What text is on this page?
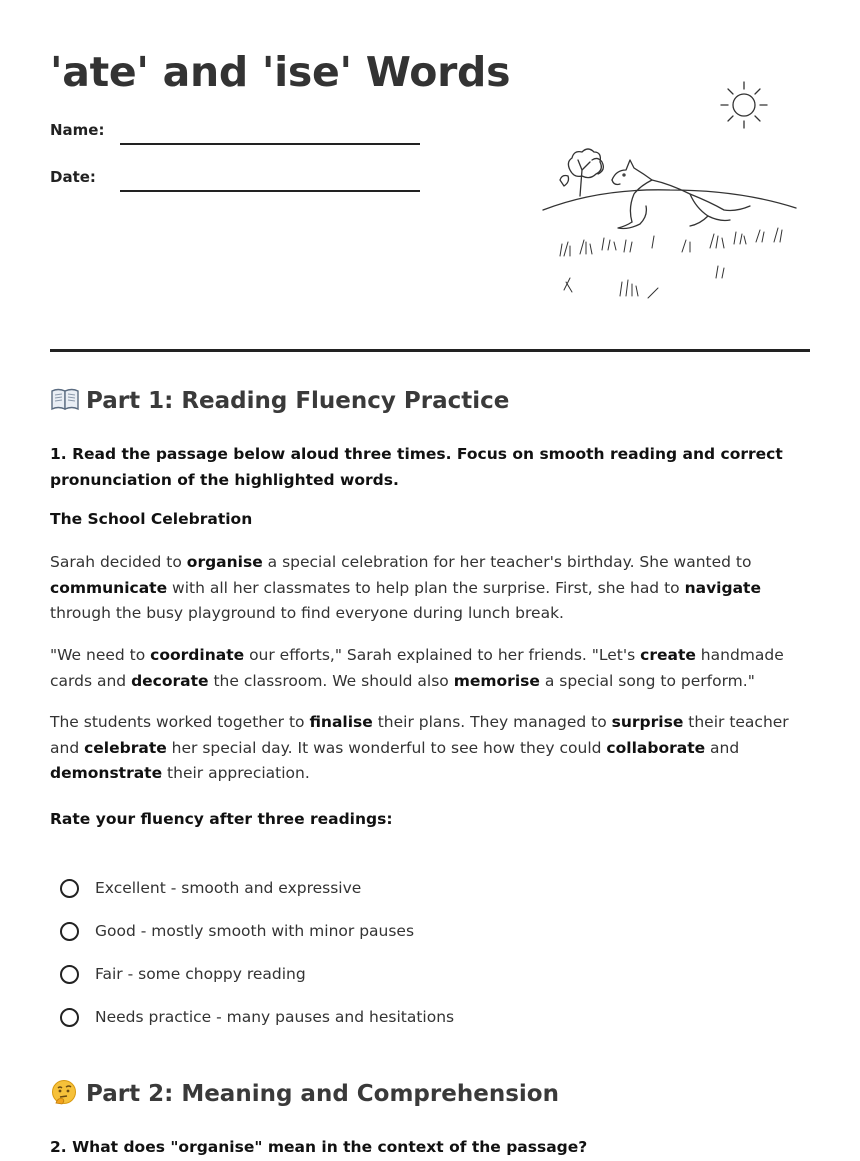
'ate' and 'ise' Words
Name:
Date:
Part 1: Reading Fluency Practice

1. Read the passage below aloud three times. Focus on smooth reading and correct pronunciation of the highlighted words.

The School Celebration

Sarah decided to organise a special celebration for her teacher's birthday. She wanted to communicate with all her classmates to help plan the surprise. First, she had to navigate through the busy playground to find everyone during lunch break.

"We need to coordinate our efforts," Sarah explained to her friends. "Let's create handmade cards and decorate the classroom. We should also memorise a special song to perform."

The students worked together to finalise their plans. They managed to surprise their teacher and celebrate her special day. It was wonderful to see how they could collaborate and demonstrate their appreciation.

Rate your fluency after three readings:

Excellent - smooth and expressive
Good - mostly smooth with minor pauses
Fair - some choppy reading
Needs practice - many pauses and hesitations
Part 2: Meaning and Comprehension

2. What does "organise" mean in the context of the passage?
